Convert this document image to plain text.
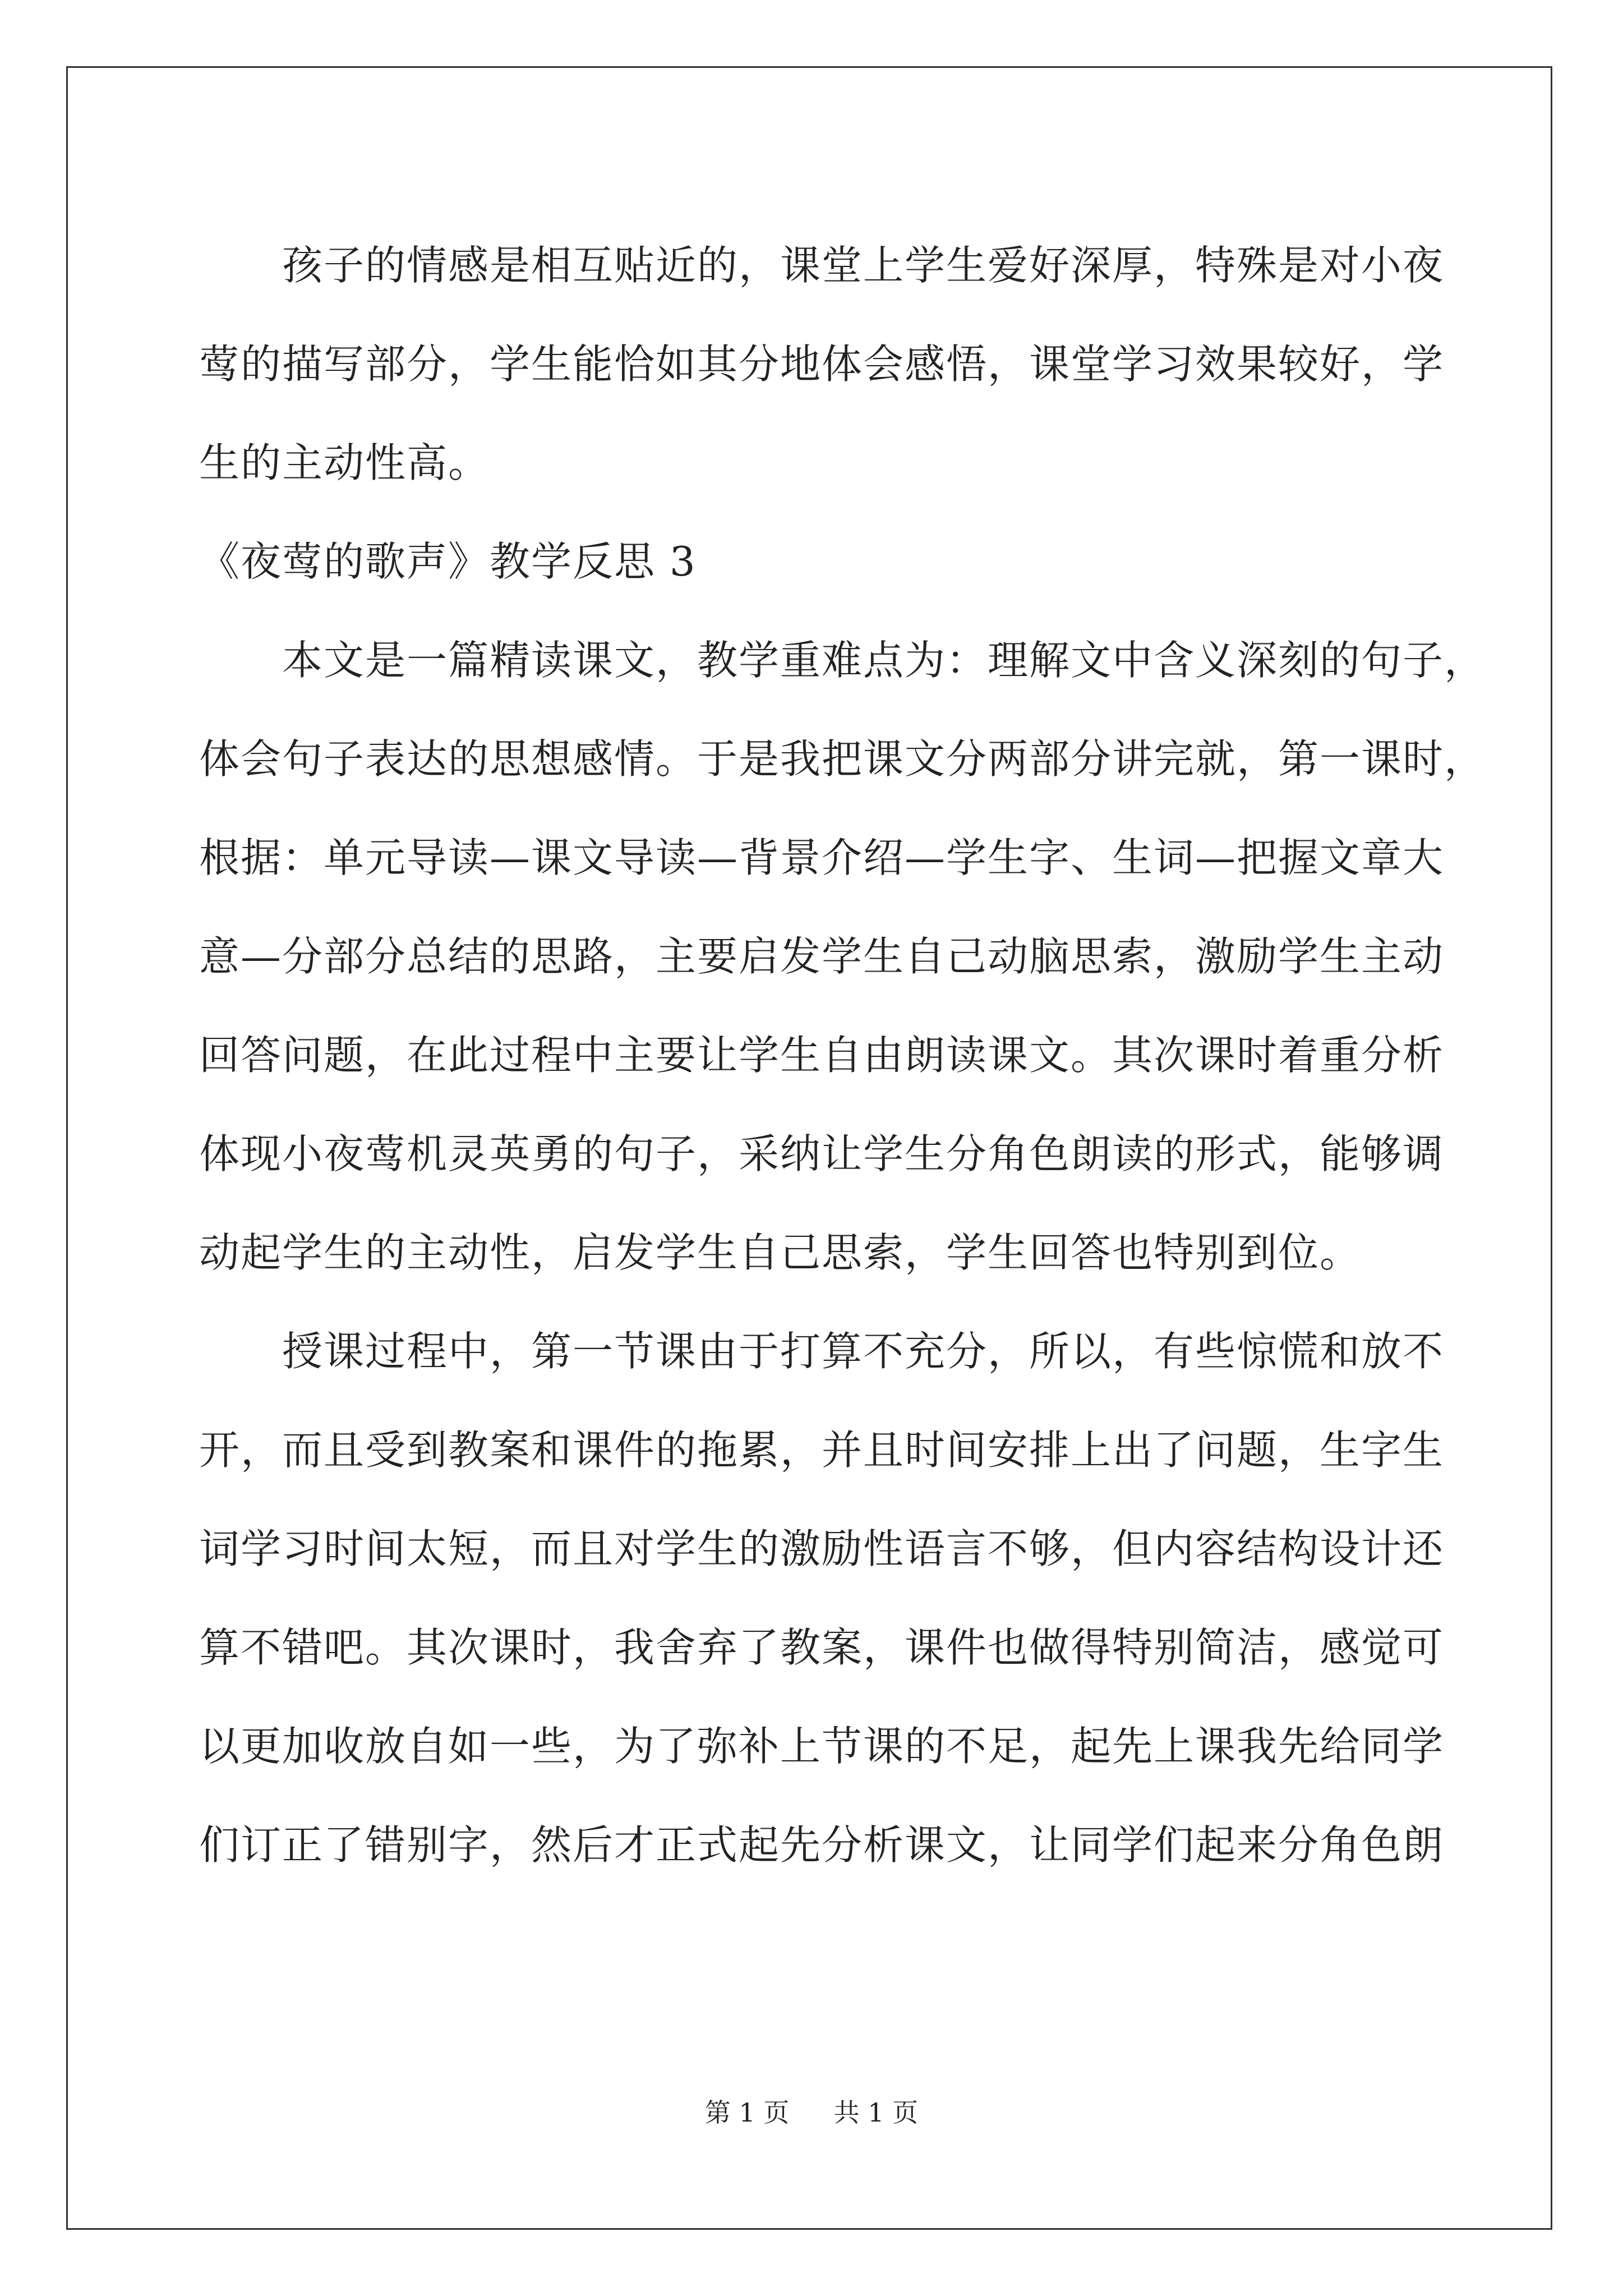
孩子的情感是相互贴近的，课堂上学生爱好深厚，特殊是对小夜
莺的描写部分，学生能恰如其分地体会感悟，课堂学习效果较好，学
生的主动性高。

《夜莺的歌声》教学反思 3

本文是一篇精读课文，教学重难点为：理解文中含义深刻的句子，
体会句子表达的思想感情。于是我把课文分两部分讲完就，第一课时，
根据：单元导读—课文导读—背景介绍—学生字、生词—把握文章大
意—分部分总结的思路，主要启发学生自己动脑思索，激励学生主动
回答问题，在此过程中主要让学生自由朗读课文。其次课时着重分析
体现小夜莺机灵英勇的句子，采纳让学生分角色朗读的形式，能够调
动起学生的主动性，启发学生自己思索，学生回答也特别到位。

授课过程中，第一节课由于打算不充分，所以，有些惊慌和放不
开，而且受到教案和课件的拖累，并且时间安排上出了问题，生字生
词学习时间太短，而且对学生的激励性语言不够，但内容结构设计还
算不错吧。其次课时，我舍弃了教案，课件也做得特别简洁，感觉可
以更加收放自如一些，为了弥补上节课的不足，起先上课我先给同学
们订正了错别字，然后才正式起先分析课文，让同学们起来分角色朗

第 1 页 共 1 页
